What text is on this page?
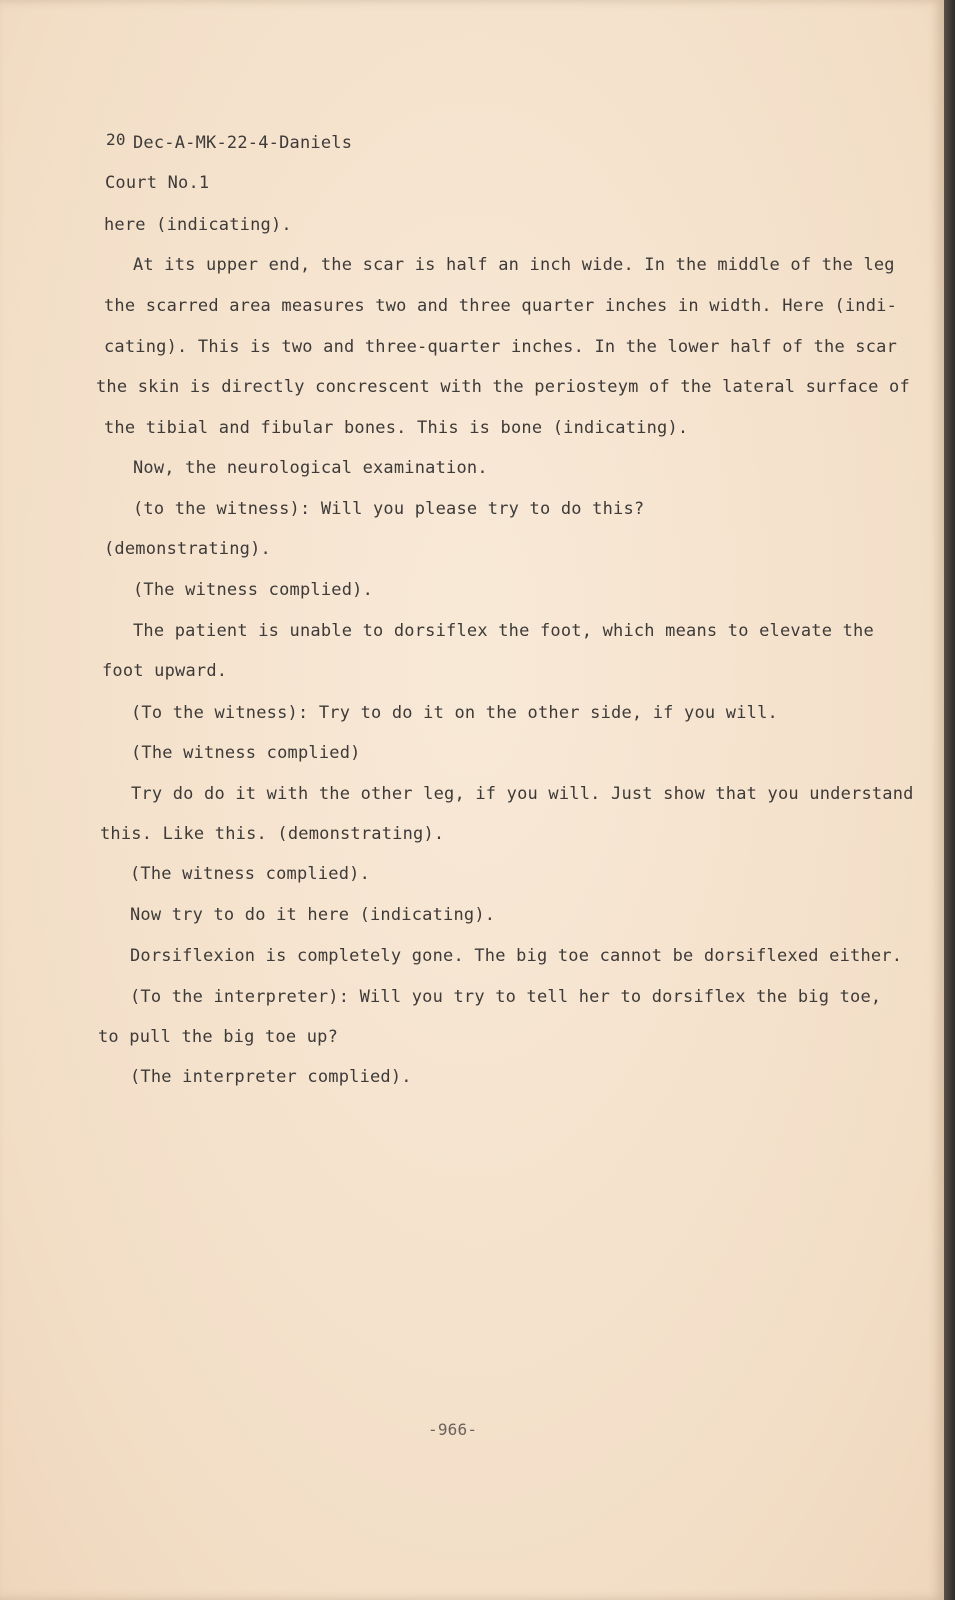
20 Dec-A-MK-22-4-Daniels
Court No.1
here (indicating).
At its upper end, the scar is half an inch wide. In the middle of the leg
the scarred area measures two and three quarter inches in width. Here (indi-
cating). This is two and three-quarter inches. In the lower half of the scar
the skin is directly concrescent with the periosteym of the lateral surface of
the tibial and fibular bones. This is bone (indicating).
Now, the neurological examination.
(to the witness): Will you please try to do this?
(demonstrating).
(The witness complied).
The patient is unable to dorsiflex the foot, which means to elevate the
foot upward.
(To the witness): Try to do it on the other side, if you will.
(The witness complied)
Try do do it with the other leg, if you will. Just show that you understand
this. Like this. (demonstrating).
(The witness complied).
Now try to do it here (indicating).
Dorsiflexion is completely gone. The big toe cannot be dorsiflexed either.
(To the interpreter): Will you try to tell her to dorsiflex the big toe,
to pull the big toe up?
(The interpreter complied).
-966-
